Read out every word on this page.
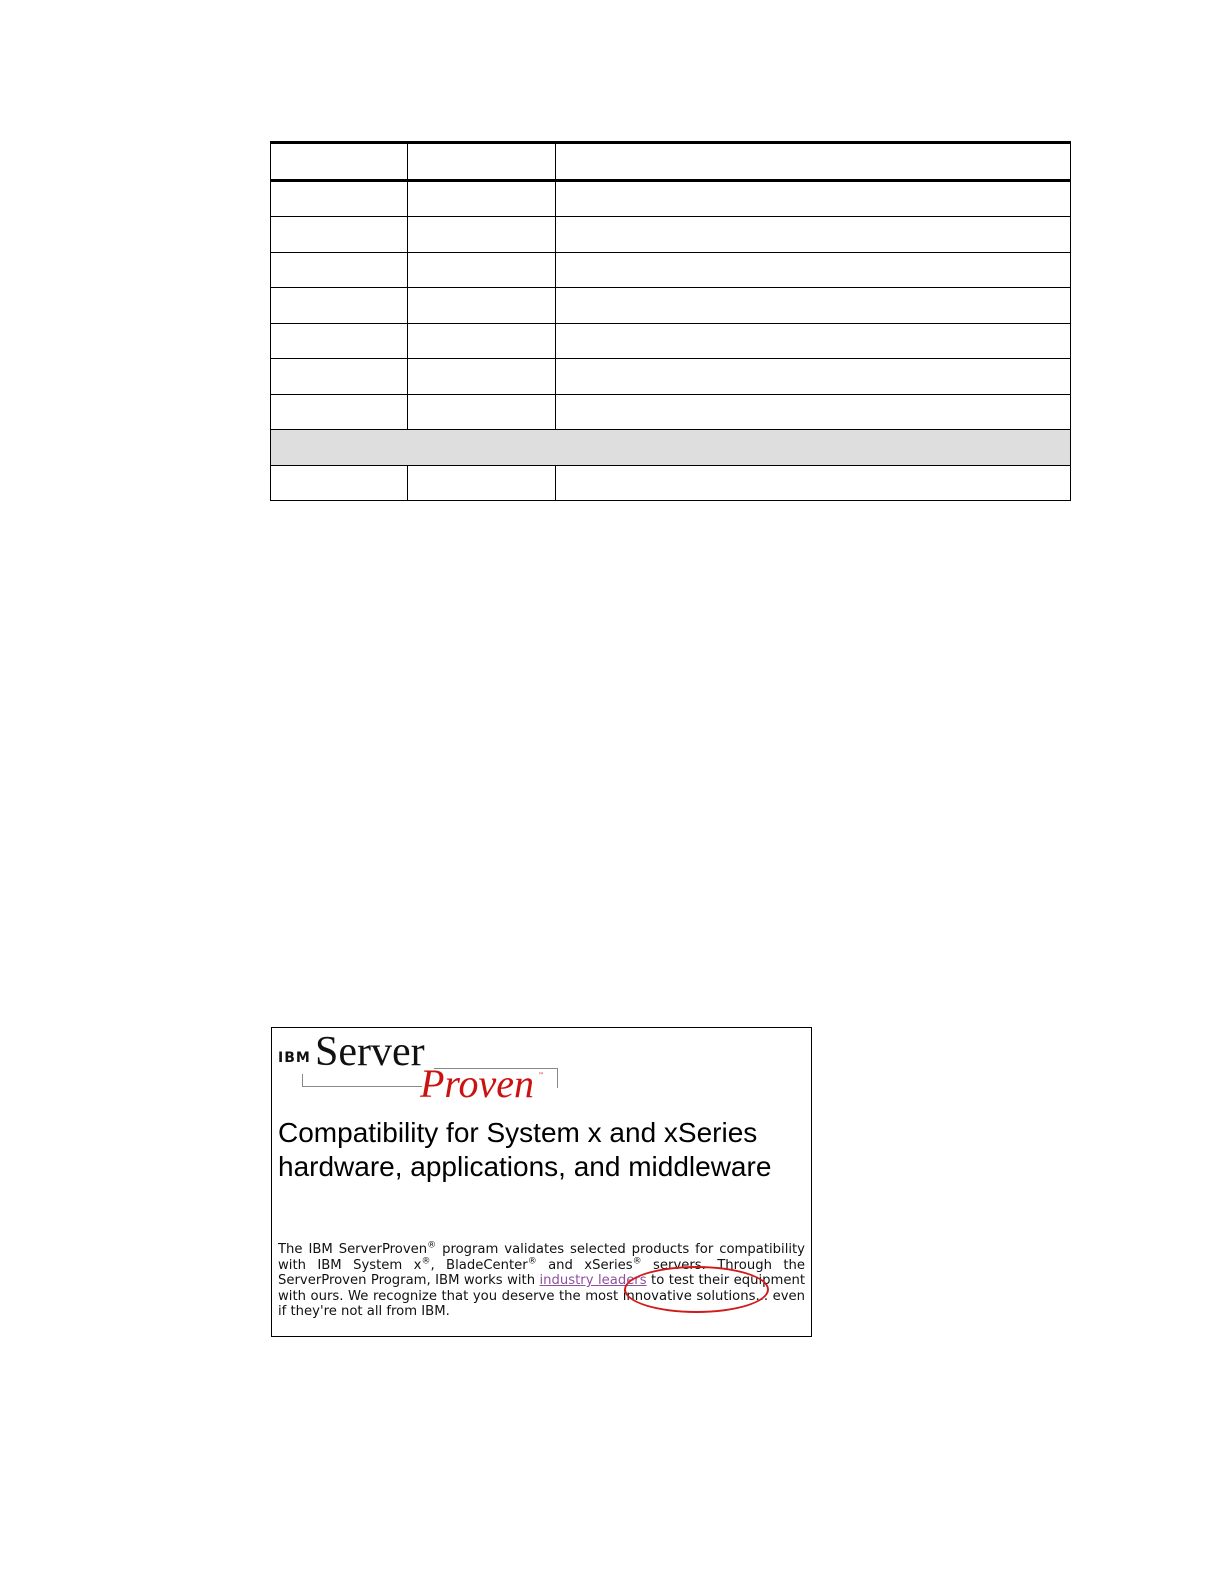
IBM Server
Proven ™
Compatibility for System x and xSeries hardware, applications, and middleware

The IBM ServerProven® program validates selected products for compatibility with IBM System x®, BladeCenter® and xSeries® servers. Through the ServerProven Program, IBM works with industry leaders to test their equipment with ours. We recognize that you deserve the most innovative solutions... even if they're not all from IBM.
